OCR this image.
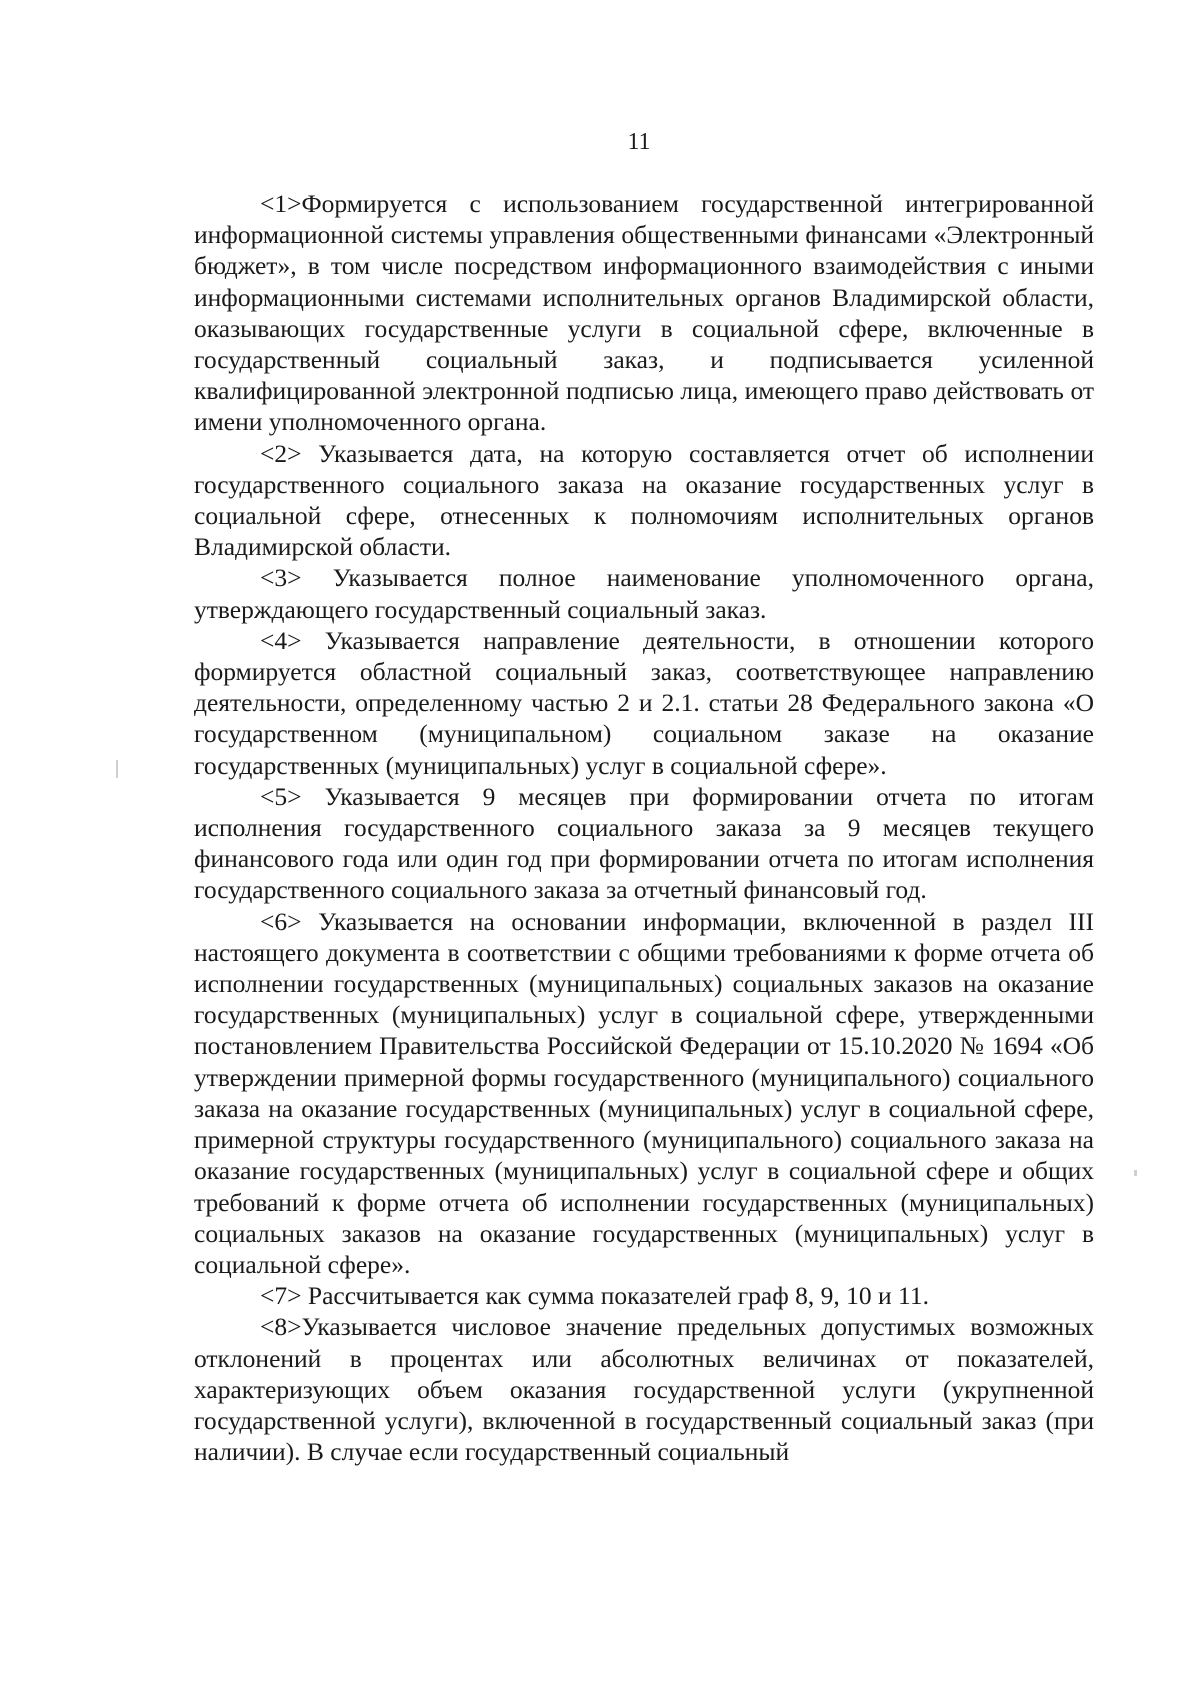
11

<1>Формируется с использованием государственной интегрированной информационной системы управления общественными финансами «Электронный бюджет», в том числе посредством информационного взаимодействия с иными информационными системами исполнительных органов Владимирской области, оказывающих государственные услуги в социальной сфере, включенные в государственный социальный заказ, и подписывается усиленной квалифицированной электронной подписью лица, имеющего право действовать от имени уполномоченного органа.

<2> Указывается дата, на которую составляется отчет об исполнении государственного социального заказа на оказание государственных услуг в социальной сфере, отнесенных к полномочиям исполнительных органов Владимирской области.

<3> Указывается полное наименование уполномоченного органа, утверждающего государственный социальный заказ.

<4> Указывается направление деятельности, в отношении которого формируется областной социальный заказ, соответствующее направлению деятельности, определенному частью 2 и 2.1. статьи 28 Федерального закона «О государственном (муниципальном) социальном заказе на оказание государственных (муниципальных) услуг в социальной сфере».

<5> Указывается 9 месяцев при формировании отчета по итогам исполнения государственного социального заказа за 9 месяцев текущего финансового года или один год при формировании отчета по итогам исполнения государственного социального заказа за отчетный финансовый год.

<6> Указывается на основании информации, включенной в раздел III настоящего документа в соответствии с общими требованиями к форме отчета об исполнении государственных (муниципальных) социальных заказов на оказание государственных (муниципальных) услуг в социальной сфере, утвержденными постановлением Правительства Российской Федерации от 15.10.2020 № 1694 «Об утверждении примерной формы государственного (муниципального) социального заказа на оказание государственных (муниципальных) услуг в социальной сфере, примерной структуры государственного (муниципального) социального заказа на оказание государственных (муниципальных) услуг в социальной сфере и общих требований к форме отчета об исполнении государственных (муниципальных) социальных заказов на оказание государственных (муниципальных) услуг в социальной сфере».

<7> Рассчитывается как сумма показателей граф 8, 9, 10 и 11.

<8>Указывается числовое значение предельных допустимых возможных отклонений в процентах или абсолютных величинах от показателей, характеризующих объем оказания государственной услуги (укрупненной государственной услуги), включенной в государственный социальный заказ (при наличии). В случае если государственный социальный
